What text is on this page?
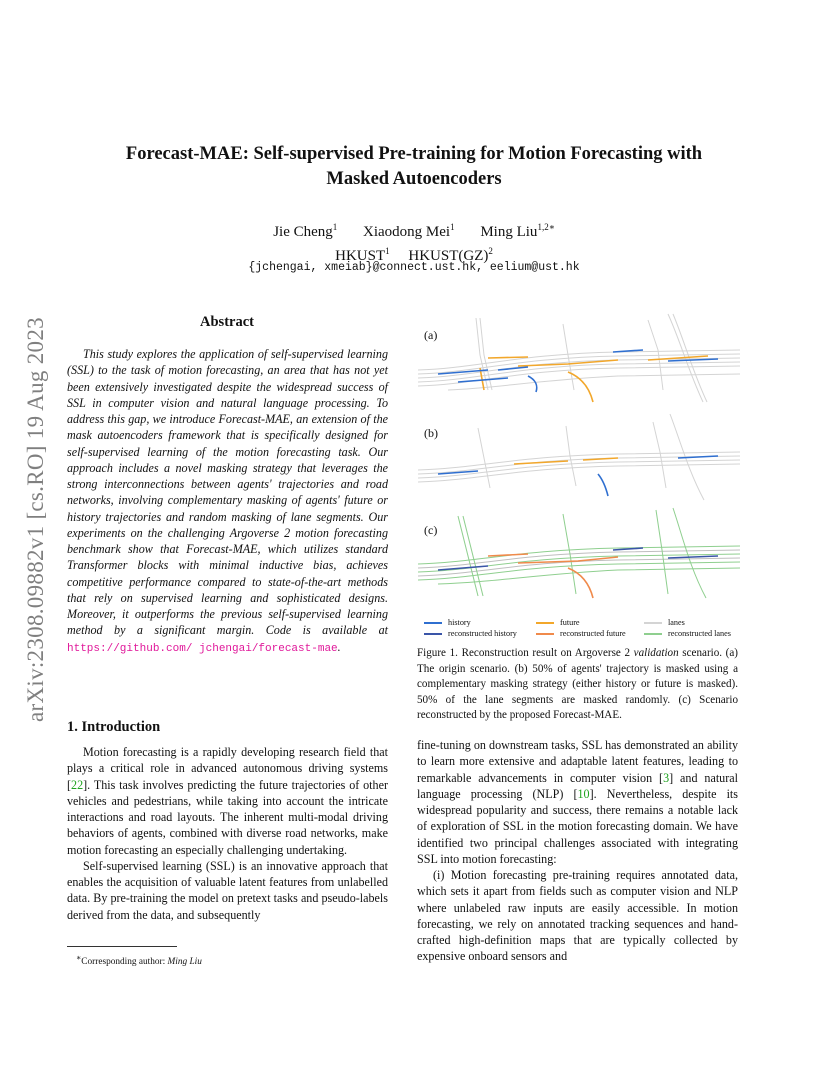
arXiv:2308.09882v1 [cs.RO] 19 Aug 2023
Forecast-MAE: Self-supervised Pre-training for Motion Forecasting with
Masked Autoencoders
Jie Cheng$^1$ Xiaodong Mei$^1$ Ming Liu$^{1,2∗}$
HKUST$^1$ HKUST(GZ)$^2$
{jchengai, xmeiab}@connect.ust.hk, eelium@ust.hk
Abstract

This study explores the application of self-supervised learning (SSL) to the task of motion forecasting, an area that has not yet been extensively investigated despite the widespread success of SSL in computer vision and natural language processing. To address this gap, we introduce Forecast-MAE, an extension of the mask autoencoders framework that is specifically designed for self-supervised learning of the motion forecasting task. Our approach includes a novel masking strategy that leverages the strong interconnections between agents' trajectories and road networks, involving complementary masking of agents' future or history trajectories and random masking of lane segments. Our experiments on the challenging Argoverse 2 motion forecasting benchmark show that Forecast-MAE, which utilizes standard Transformer blocks with minimal inductive bias, achieves competitive performance compared to state-of-the-art methods that rely on supervised learning and sophisticated designs. Moreover, it outperforms the previous self-supervised learning method by a significant margin. Code is available at https://github.com/ jchengai/forecast-mae.

1. Introduction

Motion forecasting is a rapidly developing research field that plays a critical role in advanced autonomous driving systems [22]. This task involves predicting the future trajectories of other vehicles and pedestrians, while taking into account the intricate interactions and road layouts. The inherent multi-modal driving behaviors of agents, combined with diverse road networks, make motion forecasting an especially challenging undertaking.

Self-supervised learning (SSL) is an innovative approach that enables the acquisition of valuable latent features from unlabelled data. By pre-training the model on pretext tasks and pseudo-labels derived from the data, and subsequently

∗Corresponding author: Ming Liu
(a)
(b)
(c)
history	future	lanes
reconstructed history	reconstructed future	reconstructed lanes

Figure 1. Reconstruction result on Argoverse 2 validation scenario. (a) The origin scenario. (b) 50% of agents' trajectory is masked using a complementary masking strategy (either history or future is masked). 50% of the lane segments are masked randomly. (c) Scenario reconstructed by the proposed Forecast-MAE.

fine-tuning on downstream tasks, SSL has demonstrated an ability to learn more extensive and adaptable latent features, leading to remarkable advancements in computer vision [3] and natural language processing (NLP) [10]. Nevertheless, despite its widespread popularity and success, there remains a notable lack of exploration of SSL in the motion forecasting domain. We have identified two principal challenges associated with integrating SSL into motion forecasting:

(i) Motion forecasting pre-training requires annotated data, which sets it apart from fields such as computer vision and NLP where unlabeled raw inputs are easily accessible. In motion forecasting, we rely on annotated tracking sequences and hand-crafted high-definition maps that are typically collected by expensive onboard sensors and
